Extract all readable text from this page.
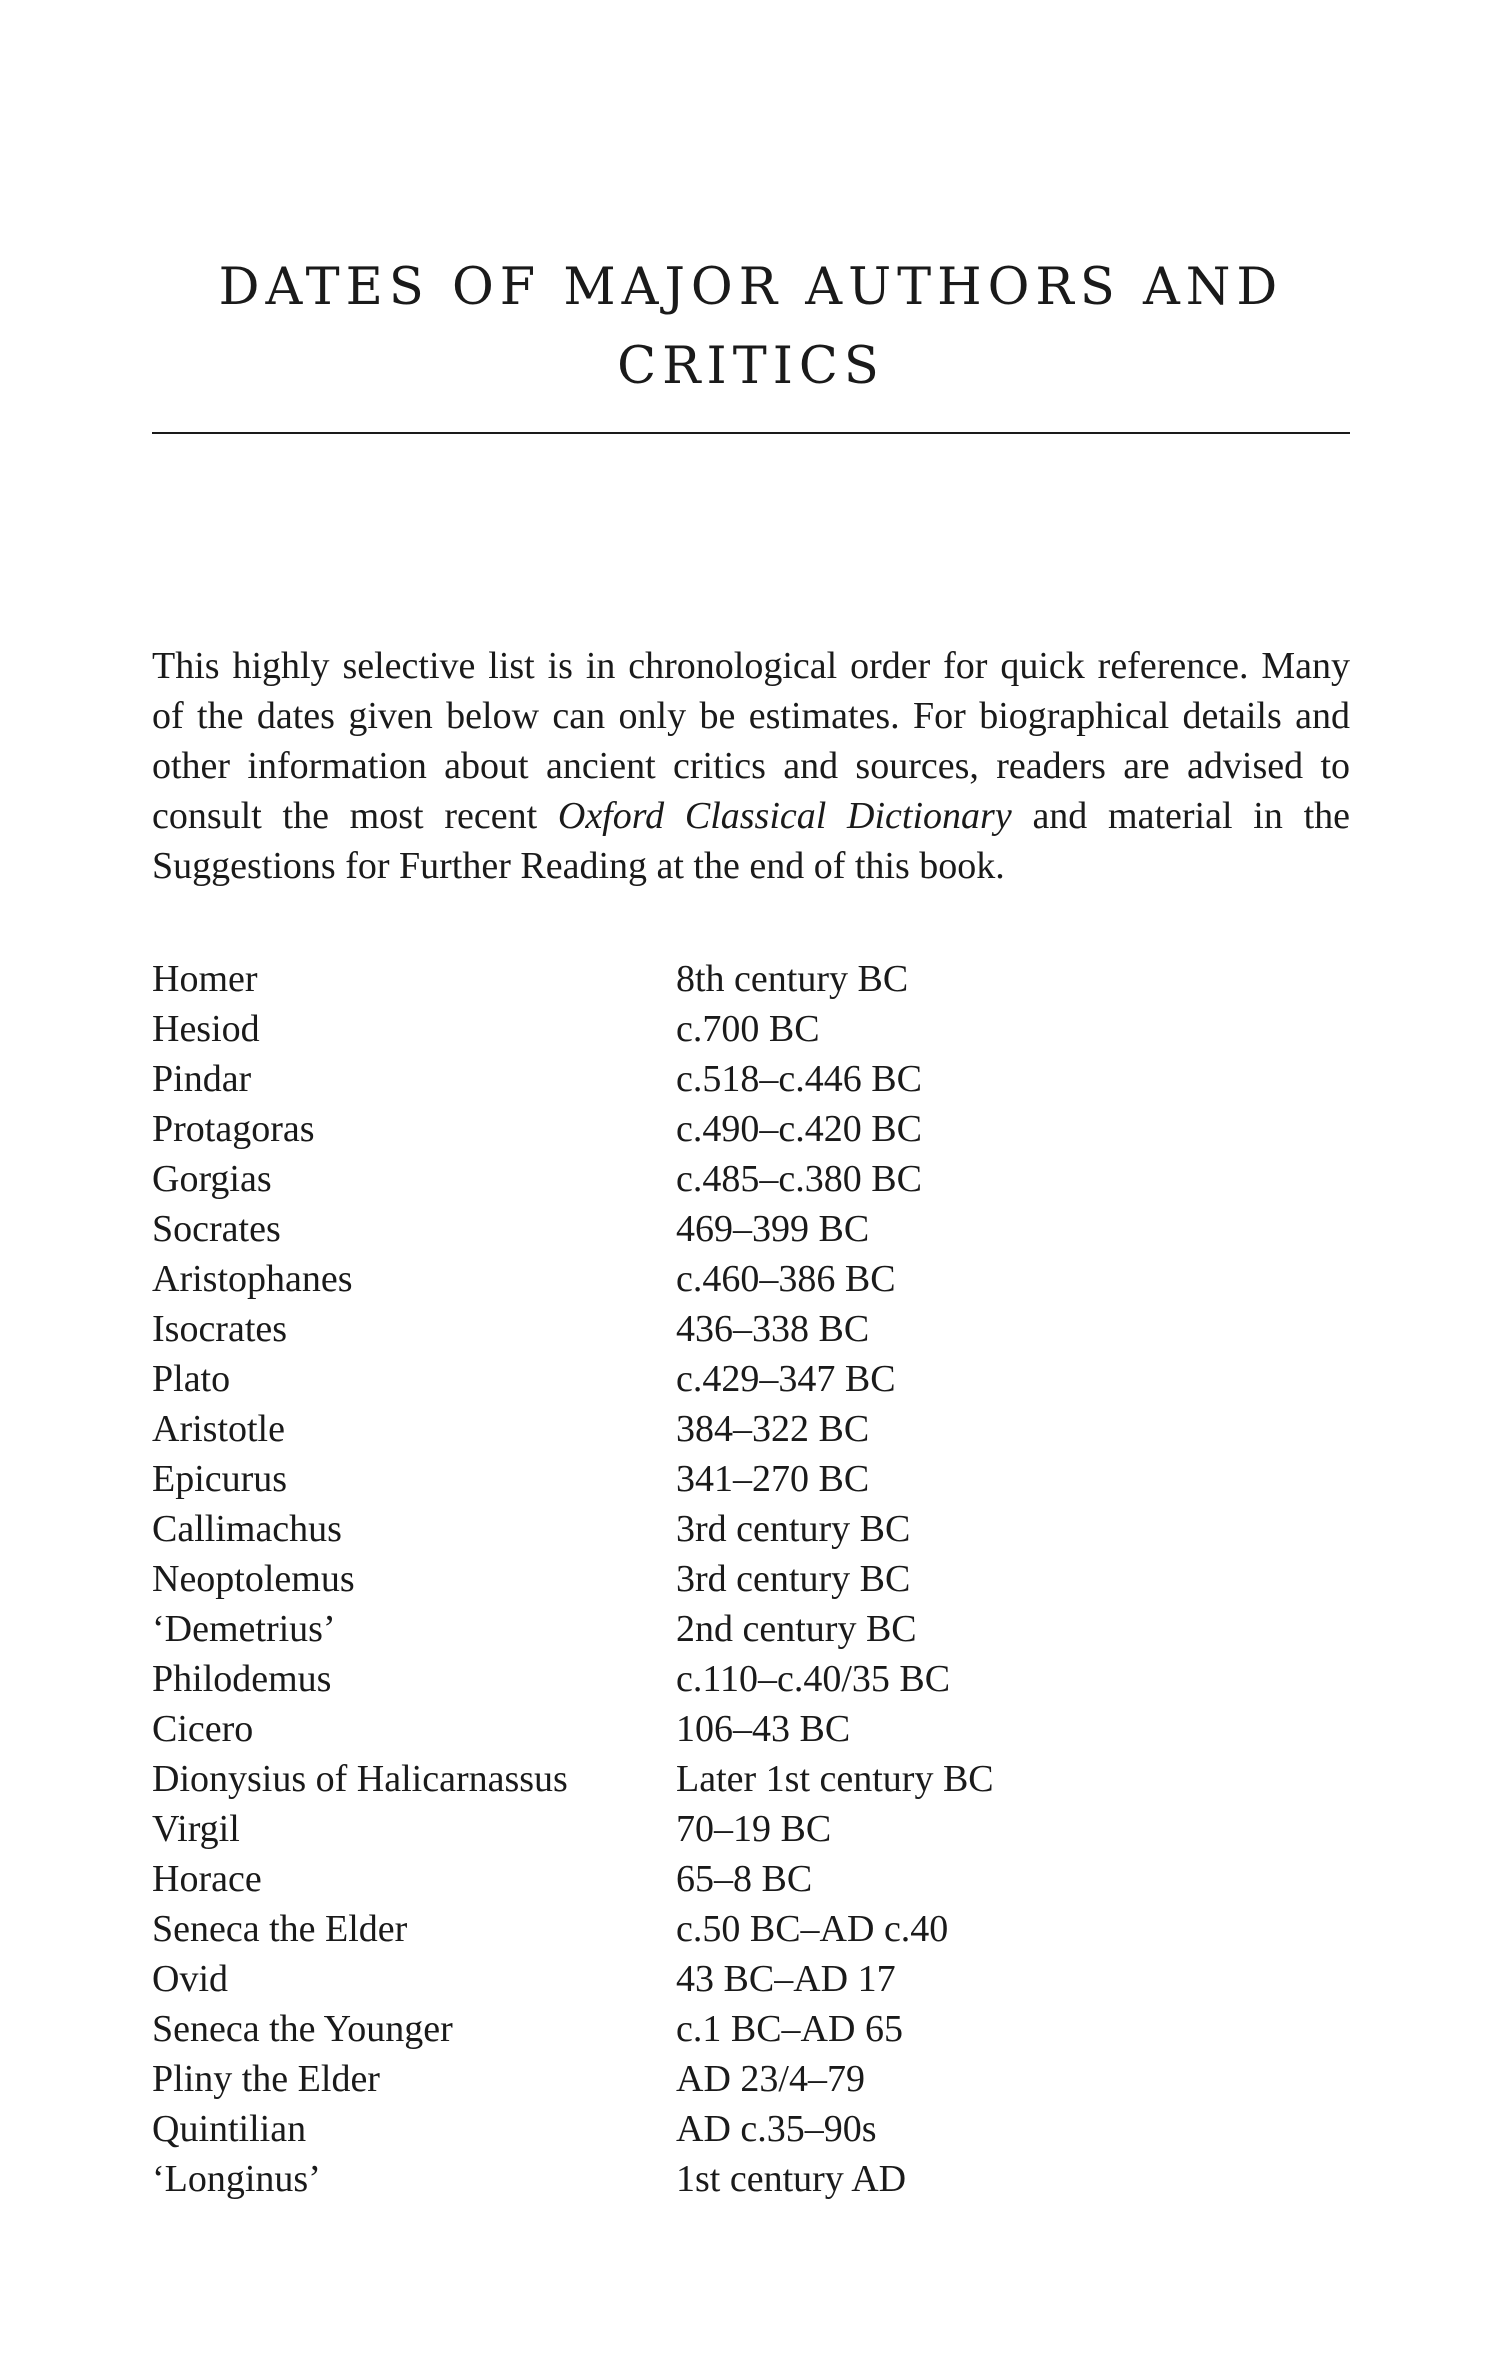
DATES OF MAJOR AUTHORS AND CRITICS

This highly selective list is in chronological order for quick reference. Many of the dates given below can only be estimates. For biographical details and other information about ancient critics and sources, readers are advised to consult the most recent Oxford Classical Dictionary and material in the Suggestions for Further Reading at the end of this book.

Homer	8th century BC
Hesiod	c.700 BC
Pindar	c.518–c.446 BC
Protagoras	c.490–c.420 BC
Gorgias	c.485–c.380 BC
Socrates	469–399 BC
Aristophanes	c.460–386 BC
Isocrates	436–338 BC
Plato	c.429–347 BC
Aristotle	384–322 BC
Epicurus	341–270 BC
Callimachus	3rd century BC
Neoptolemus	3rd century BC
‘Demetrius’	2nd century BC
Philodemus	c.110–c.40/35 BC
Cicero	106–43 BC
Dionysius of Halicarnassus	Later 1st century BC
Virgil	70–19 BC
Horace	65–8 BC
Seneca the Elder	c.50 BC–AD c.40
Ovid	43 BC–AD 17
Seneca the Younger	c.1 BC–AD 65
Pliny the Elder	AD 23/4–79
Quintilian	AD c.35–90s
‘Longinus’	1st century AD
